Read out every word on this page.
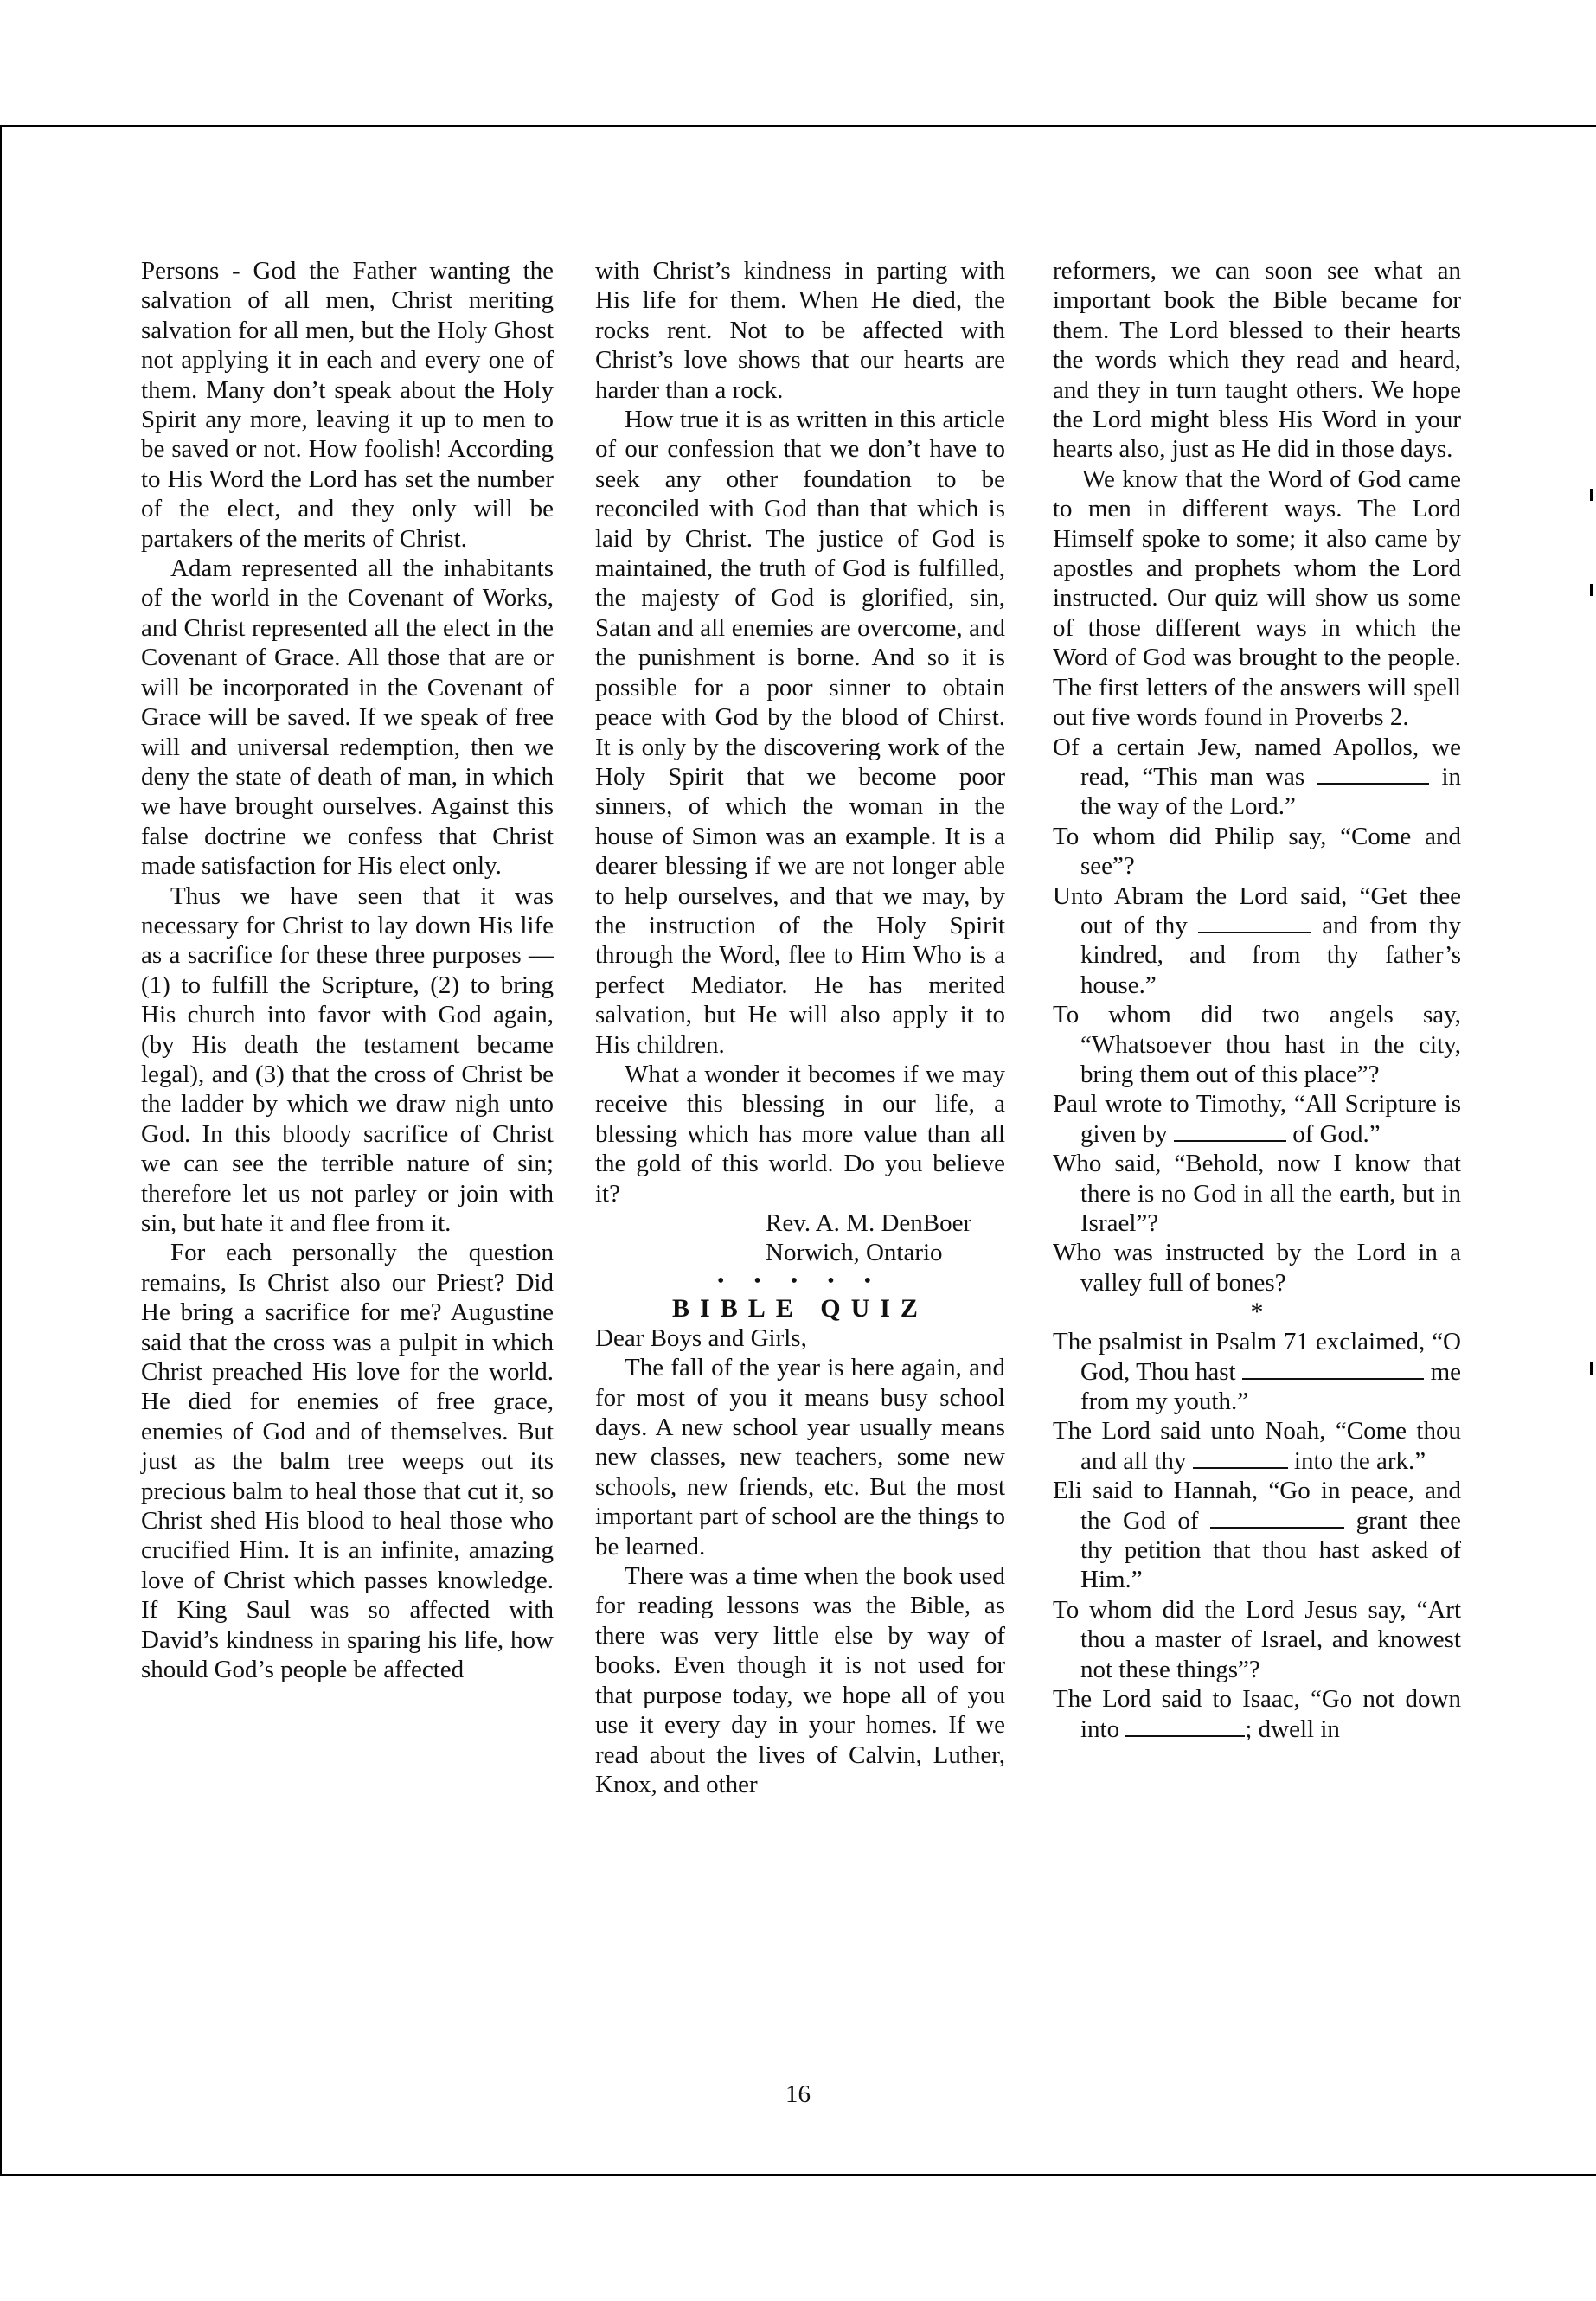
Persons - God the Father wanting the salvation of all men, Christ meriting salvation for all men, but the Holy Ghost not applying it in each and every one of them. Many don’t speak about the Holy Spirit any more, leaving it up to men to be saved or not. How foolish! According to His Word the Lord has set the number of the elect, and they only will be partakers of the merits of Christ.

Adam represented all the inhabitants of the world in the Covenant of Works, and Christ represented all the elect in the Covenant of Grace. All those that are or will be incorporated in the Covenant of Grace will be saved. If we speak of free will and universal redemption, then we deny the state of death of man, in which we have brought ourselves. Against this false doctrine we confess that Christ made satisfaction for His elect only.

Thus we have seen that it was necessary for Christ to lay down His life as a sacrifice for these three purposes — (1) to fulfill the Scripture, (2) to bring His church into favor with God again, (by His death the testament became legal), and (3) that the cross of Christ be the ladder by which we draw nigh unto God. In this bloody sacrifice of Christ we can see the terrible nature of sin; therefore let us not parley or join with sin, but hate it and flee from it.

For each personally the question remains, Is Christ also our Priest? Did He bring a sacrifice for me? Augustine said that the cross was a pulpit in which Christ preached His love for the world. He died for enemies of free grace, enemies of God and of themselves. But just as the balm tree weeps out its precious balm to heal those that cut it, so Christ shed His blood to heal those who crucified Him. It is an infinite, amazing love of Christ which passes knowledge. If King Saul was so affected with David’s kindness in sparing his life, how should God’s people be affected

with Christ’s kindness in parting with His life for them. When He died, the rocks rent. Not to be affected with Christ’s love shows that our hearts are harder than a rock.

How true it is as written in this article of our confession that we don’t have to seek any other foundation to be reconciled with God than that which is laid by Christ. The justice of God is maintained, the truth of God is fulfilled, the majesty of God is glorified, sin, Satan and all enemies are overcome, and the punishment is borne. And so it is possible for a poor sinner to obtain peace with God by the blood of Chirst. It is only by the discovering work of the Holy Spirit that we become poor sinners, of which the woman in the house of Simon was an example. It is a dearer blessing if we are not longer able to help ourselves, and that we may, by the instruction of the Holy Spirit through the Word, flee to Him Who is a perfect Mediator. He has merited salvation, but He will also apply it to His children.

What a wonder it becomes if we may receive this blessing in our life, a blessing which has more value than all the gold of this world. Do you believe it?

Rev. A. M. DenBoer

Norwich, Ontario

• • • • •

BIBLE QUIZ

Dear Boys and Girls,

The fall of the year is here again, and for most of you it means busy school days. A new school year usually means new classes, new teachers, some new schools, new friends, etc. But the most important part of school are the things to be learned.

There was a time when the book used for reading lessons was the Bible, as there was very little else by way of books. Even though it is not used for that purpose today, we hope all of you use it every day in your homes. If we read about the lives of Calvin, Luther, Knox, and other

reformers, we can soon see what an important book the Bible became for them. The Lord blessed to their hearts the words which they read and heard, and they in turn taught others. We hope the Lord might bless His Word in your hearts also, just as He did in those days.

We know that the Word of God came to men in different ways. The Lord Himself spoke to some; it also came by apostles and prophets whom the Lord instructed. Our quiz will show us some of those different ways in which the Word of God was brought to the people. The first letters of the answers will spell out five words found in Proverbs 2.

Of a certain Jew, named Apollos, we read, “This man was	in the way of the Lord.”

To whom did Philip say, “Come and see”?

Unto Abram the Lord said, “Get thee out of thy	and from thy kindred, and from thy father’s house.”

To whom did two angels say, “Whatsoever thou hast in the city, bring them out of this place”?

Paul wrote to Timothy, “All Scripture is given by	of God.”

Who said, “Behold, now I know that there is no God in all the earth, but in Israel”?

Who was instructed by the Lord in a valley full of bones?

*

The psalmist in Psalm 71 exclaimed, “O God, Thou hast	me from my youth.”

The Lord said unto Noah, “Come thou and all thy	into the ark.”

Eli said to Hannah, “Go in peace, and the God of	grant thee thy petition that thou hast asked of Him.”

To whom did the Lord Jesus say, “Art thou a master of Israel, and knowest not these things”?

The Lord said to Isaac, “Go not down into	; dwell in

16
